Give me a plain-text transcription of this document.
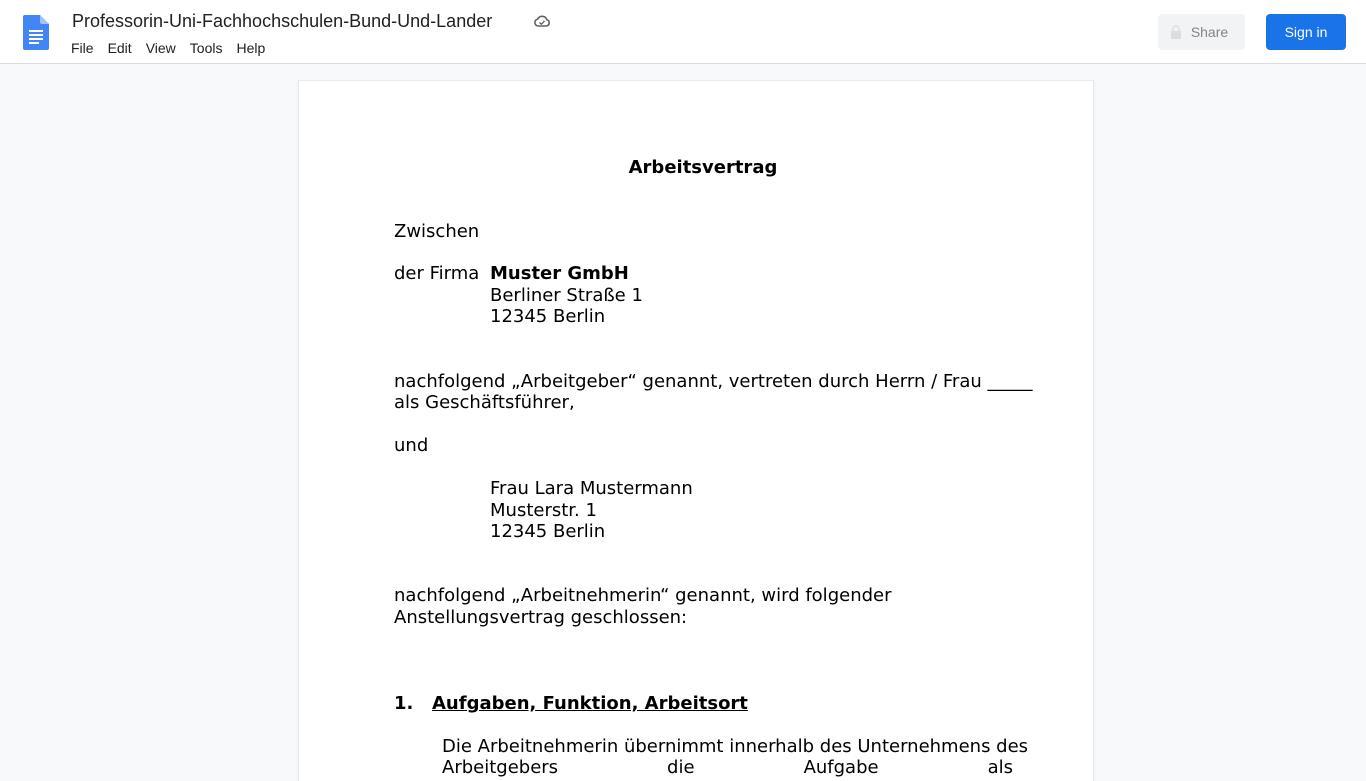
Professorin-Uni-Fachhochschulen-Bund-Und-Lander
File	Edit	View	Tools	Help
Share	Sign in
Arbeitsvertrag
Zwischen
der Firma Muster GmbH
Berliner Straße 1
12345 Berlin
nachfolgend „Arbeitgeber“ genannt, vertreten durch Herrn / Frau _____
als Geschäftsführer,
und
Frau Lara Mustermann
Musterstr. 1
12345 Berlin
nachfolgend „Arbeitnehmerin“ genannt, wird folgender
Anstellungsvertrag geschlossen:
1. Aufgaben, Funktion, Arbeitsort
Die Arbeitnehmerin übernimmt innerhalb des Unternehmens des
Arbeitgebers die Aufgabe als
